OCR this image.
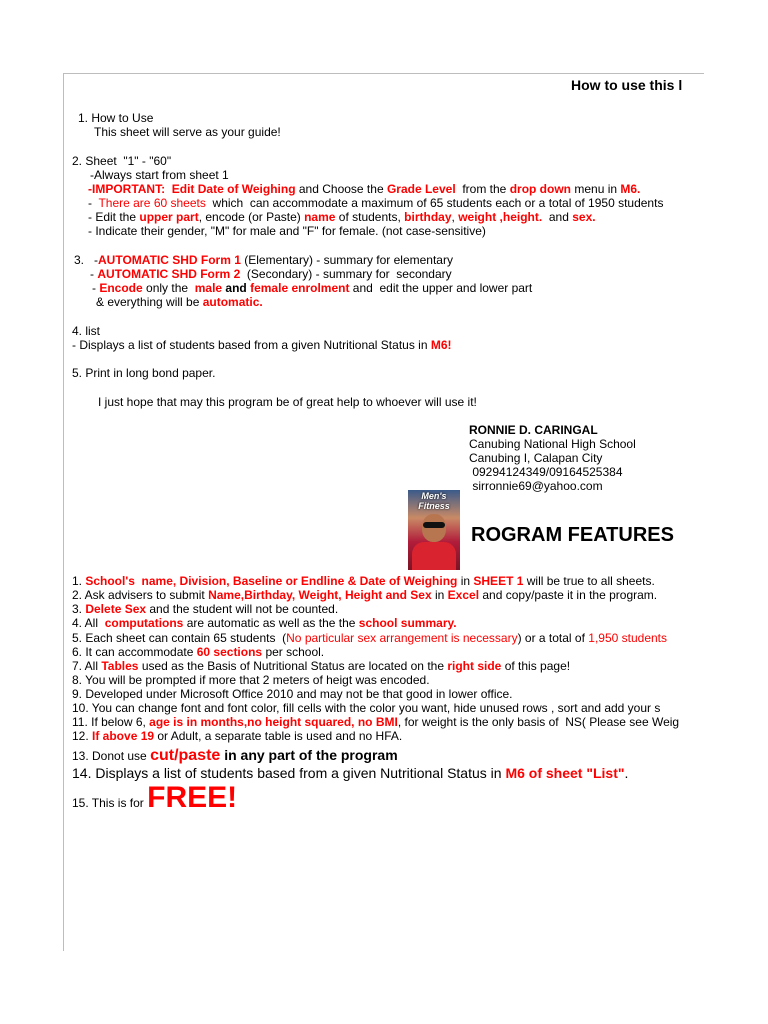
How to use this l
1. How to Use
This sheet will serve as your guide!
2. Sheet  "1" - "60"
-Always start from sheet 1
-IMPORTANT:  Edit Date of Weighing and Choose the Grade Level  from the drop down menu in M6.
-  There are 60 sheets  which  can accommodate a maximum of 65 students each or a total of 1950 students
- Edit the upper part, encode (or Paste) name of students, birthday, weight ,height.  and sex.
- Indicate their gender, "M" for male and "F" for female. (not case-sensitive)
3.   -AUTOMATIC SHD Form 1 (Elementary) - summary for elementary
- AUTOMATIC SHD Form 2  (Secondary) - summary for  secondary
- Encode only the  male and female enrolment and  edit the upper and lower part
& everything will be automatic.
4. list
- Displays a list of students based from a given Nutritional Status in M6!
5. Print in long bond paper.
I just hope that may this program be of great help to whoever will use it!
RONNIE D. CARINGAL
Canubing National High School
Canubing I, Calapan City
09294124349/09164525384
sirronnie69@yahoo.com
ROGRAM FEATURES
1. School's  name, Division, Baseline or Endline & Date of Weighing in SHEET 1 will be true to all sheets.
2. Ask advisers to submit Name,Birthday, Weight, Height and Sex in Excel and copy/paste it in the program.
3. Delete Sex and the student will not be counted.
4. All  computations are automatic as well as the the school summary.
5. Each sheet can contain 65 students  (No particular sex arrangement is necessary) or a total of 1,950 students
6. It can accommodate 60 sections per school.
7. All Tables used as the Basis of Nutritional Status are located on the right side of this page!
8. You will be prompted if more that 2 meters of heigt was encoded.
9. Developed under Microsoft Office 2010 and may not be that good in lower office.
10. You can change font and font color, fill cells with the color you want, hide unused rows , sort and add your s
11. If below 6, age is in months,no height squared, no BMI, for weight is the only basis of  NS( Please see Weig
12. If above 19 or Adult, a separate table is used and no HFA.
13. Donot use cut/paste in any part of the program
14. Displays a list of students based from a given Nutritional Status in M6 of sheet "List".
15. This is for FREE!
Men's Fitness
